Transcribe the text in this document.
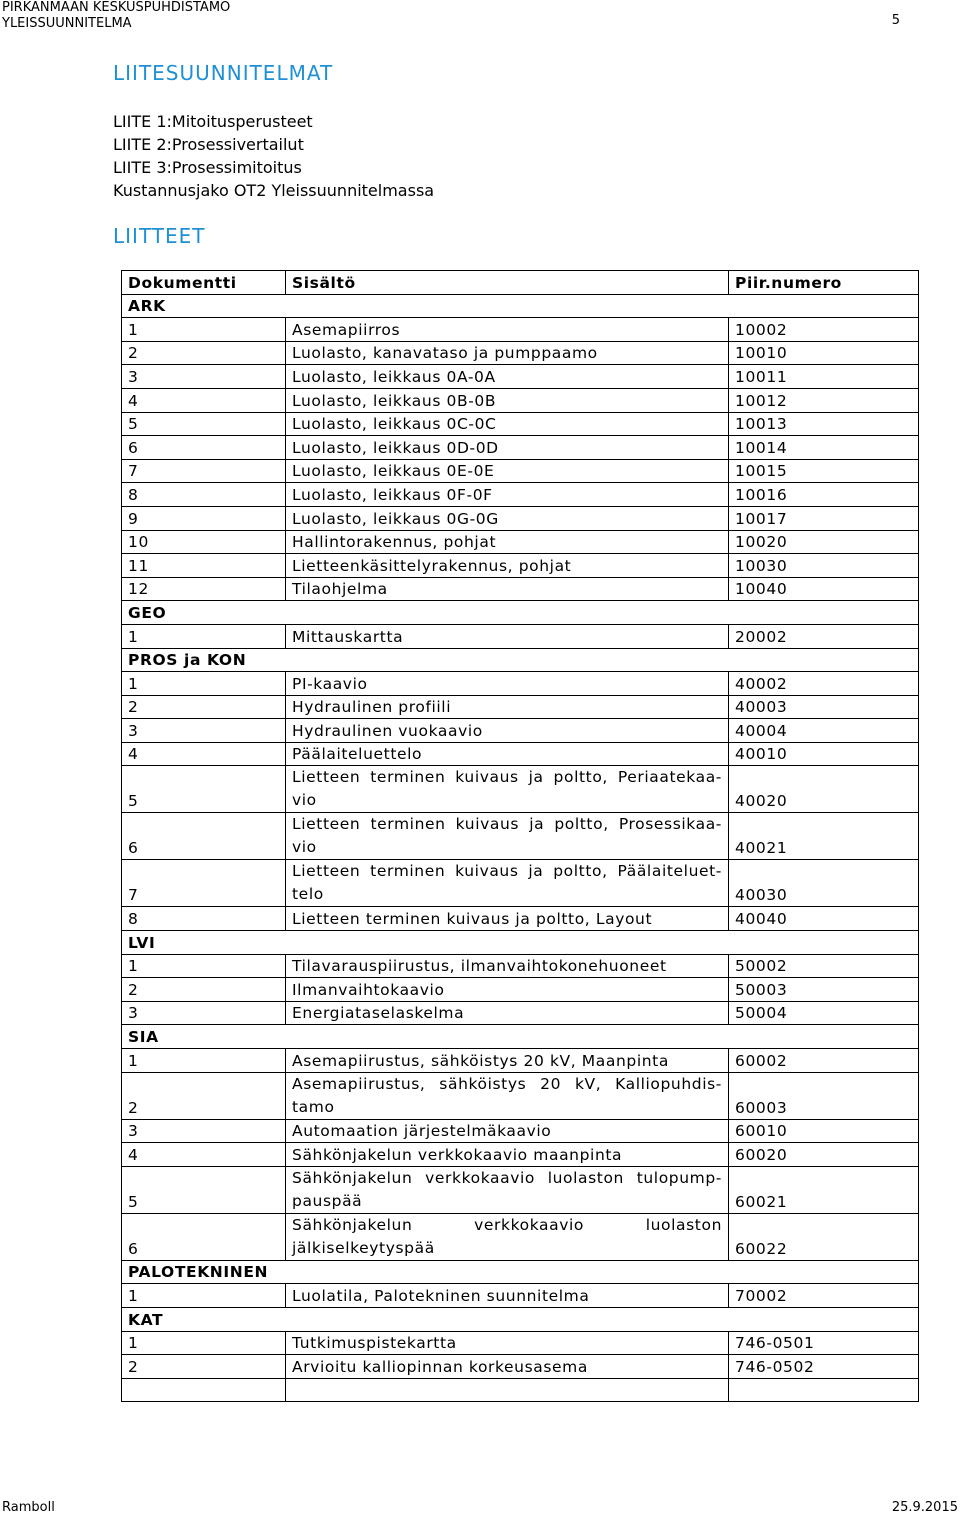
PIRKANMAAN KESKUSPUHDISTAMO
YLEISSUUNNITELMA	5
LIITESUUNNITELMAT
LIITE 1:Mitoitusperusteet
LIITE 2:Prosessivertailut
LIITE 3:Prosessimitoitus
Kustannusjako OT2 Yleissuunnitelmassa
LIITTEET
Dokumentti	Sisältö	Piir.numero
ARK		
1	Asemapiirros	10002
2	Luolasto, kanavataso ja pumppaamo	10010
3	Luolasto, leikkaus 0A-0A	10011
4	Luolasto, leikkaus 0B-0B	10012
5	Luolasto, leikkaus 0C-0C	10013
6	Luolasto, leikkaus 0D-0D	10014
7	Luolasto, leikkaus 0E-0E	10015
8	Luolasto, leikkaus 0F-0F	10016
9	Luolasto, leikkaus 0G-0G	10017
10	Hallintorakennus, pohjat	10020
11	Lietteenkäsittelyrakennus, pohjat	10030
12	Tilaohjelma	10040
GEO		
1	Mittauskartta	20002
PROS ja KON		
1	PI-kaavio	40002
2	Hydraulinen profiili	40003
3	Hydraulinen vuokaavio	40004
4	Päälaiteluettelo	40010
5	Lietteen terminen kuivaus ja poltto, Periaatekaa-vio	40020
6	Lietteen terminen kuivaus ja poltto, Prosessikaa-vio	40021
7	Lietteen terminen kuivaus ja poltto, Päälaiteluet-telo	40030
8	Lietteen terminen kuivaus ja poltto, Layout	40040
LVI		
1	Tilavarauspiirustus, ilmanvaihtokonehuoneet	50002
2	Ilmanvaihtokaavio	50003
3	Energiataselaskelma	50004
SIA		
1	Asemapiirustus, sähköistys 20 kV, Maanpinta	60002
2	Asemapiirustus, sähköistys 20 kV, Kalliopuhdis-tamo	60003
3	Automaation järjestelmäkaavio	60010
4	Sähkönjakelun verkkokaavio maanpinta	60020
5	Sähkönjakelun verkkokaavio luolaston tulopump-pauspää	60021
6	Sähkönjakelun verkkokaavio luolaston jälkiselkeytyspää	60022
PALOTEKNINEN		
1	Luolatila, Palotekninen suunnitelma	70002
KAT		
1	Tutkimuspistekartta	746-0501
2	Arvioitu kalliopinnan korkeusasema	746-0502

Ramboll	25.9.2015
